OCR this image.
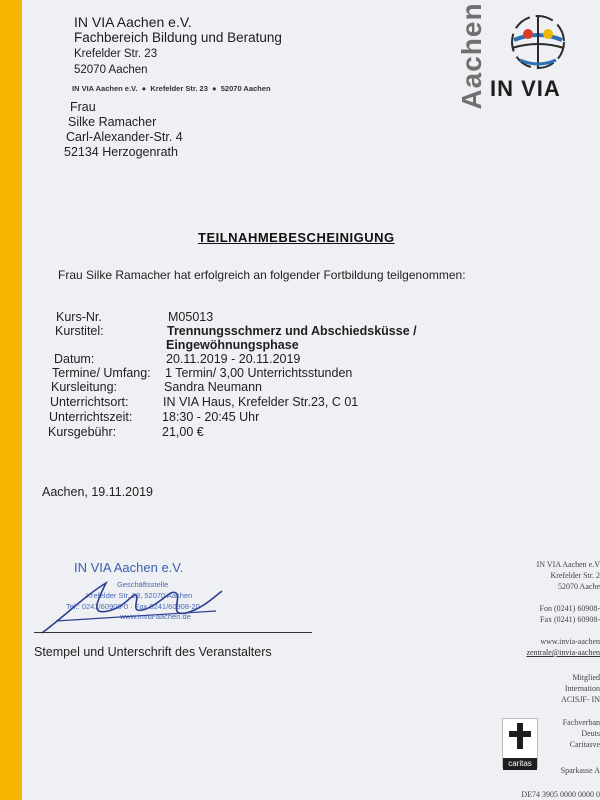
IN VIA Aachen e.V.
Fachbereich Bildung und Beratung
Krefelder Str. 23
52070 Aachen
IN VIA Aachen e.V.  ●  Krefelder Str. 23  ●  52070 Aachen	Aachen IN VIA
Frau
Silke Ramacher
Carl-Alexander-Str. 4
52134 Herzogenrath
TEILNAHMEBESCHEINIGUNG
Frau Silke Ramacher hat erfolgreich an folgender Fortbildung teilgenommen:
Kurs-Nr.	M05013
Kurstitel:	Trennungsschmerz und Abschiedsküsse /
Eingewöhnungsphase
Datum:	20.11.2019 - 20.11.2019
Termine/ Umfang: 1 Termin/ 3,00 Unterrichtsstunden
Kursleitung:	Sandra Neumann
Unterrichtsort:	IN VIA Haus, Krefelder Str.23, C 01
Unterrichtszeit: 18:30 - 20:45 Uhr
Kursgebühr:	21,00 €
Aachen, 19.11.2019
IN VIA Aachen e.V.
Geschäftsstelle
Krefelder Str. 23, 52070 Aachen
Tel.: 0241/60908-0 · Fax 0241/60908-20
www.invia-aachen.de
Stempel und Unterschrift des Veranstalters
IN VIA Aachen e.V
Krefelder Str. 2
52070 Aache
Fon (0241) 60908-
Fax (0241) 60908-
www.invia-aachen
zentrale@invia-aachen
Mitglied
Internation
ACISJF- IN
Fachverban
Deuts
Caritasve
Sparkasse A
DE74 3905 0000 0000 0
caritas
